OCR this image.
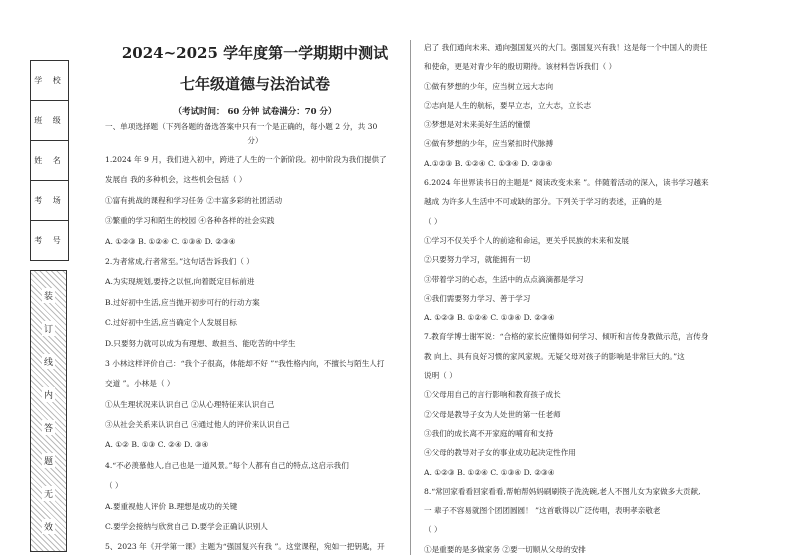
学 校
班 级
姓 名
考 场
考 号
装
订
线
内
答
题
无
效
2024~2025 学年度第一学期期中测试
七年级道德与法治试卷
（考试时间： 60 分钟 试卷满分：70 分）
一、单项选择题（下列各题的备选答案中只有一个是正确的，每小题 2 分，共 30
分）
1.2024 年 9 月，我们进入初中，跨进了人生的一个新阶段。初中阶段为我们提供了
发展自 我的多种机会，这些机会包括（ ）
①富有挑战的课程和学习任务 ②丰富多彩的社团活动
③繁重的学习和陌生的校园 ④各种各样的社会实践
A. ①②③ B. ①②④ C. ①③④ D. ②③④
2.为者常成,行者常至。”这句话告诉我们（ ）
A.为实现规划,要持之以恒,向着既定目标前进
B.过好初中生活,应当抛开初步可行的行动方案
C.过好初中生活,应当确定个人发展目标
D.只要努力就可以成为有理想、敢担当、能吃苦的中学生
3 小林这样评价自己：“我个子很高，体能却不好 ”“我性格内向，不擅长与陌生人打
交道 ”。小林是（ ）
①从生理状况来认识自己 ②从心理特征来认识自己
③从社会关系来认识自己 ④通过他人的评价来认识自己
A. ①② B. ①③ C. ②④ D. ③④
4.“不必羡慕他人,自己也是一道风景。”每个人都有自己的特点,这启示我们
（ ）
A.要重视他人评价 B.理想是成功的关键
C.要学会接纳与欣赏自己 D.要学会正确认识别人
5、2023 年《开学第一课》主题为“强国复兴有我 ”。这堂课程，宛如一把钥匙，开
启了 我们通向未来、通向强国复兴的大门。强国复兴有我！这是每一个中国人的责任
和使命，更是对青少年的殷切期待。该材料告诉我们（ ）
①做有梦想的少年，应当树立远大志向
②志向是人生的航标，要早立志，立大志，立长志
③梦想是对未来美好生活的憧憬
④做有梦想的少年，应当紧扣时代脉搏
A.①②③ B. ①②④ C. ①③④ D. ②③④
6.2024 年世界读书日的主题是“ 阅读改变未来 ”。伴随着活动的深入，读书学习越来
越成 为许多人生活中不可或缺的部分。下列关于学习的表述，正确的是
（ ）
①学习不仅关乎个人的前途和命运，更关乎民族的未来和发展
②只要努力学习，就能拥有一切
③带着学习的心态，生活中的点点滴滴都是学习
④我们需要努力学习、善于学习
A. ①②③ B. ①②④ C. ①③④ D. ②③④
7.教育学博士谢军说：“合格的家长应懂得如何学习、倾听和言传身教做示范，言传身
教 向上、具有良好习惯的家风家规。无疑父母对孩子的影响是非常巨大的。”这
说明（ ）
①父母用自己的言行影响和教育孩子成长
②父母是教导子女为人处世的第一任老师
③我们的成长离不开家庭的哺育和支持
④父母的教导对子女的事业成功起决定性作用
A. ①②③ B. ①②④ C. ①③④ D. ②③④
8.“常回家看看回家看看,帮帕帮妈妈刷刷筷子洗洗碗,老人不图儿女为家做多大贡献,
一 辈子不容易就图个团团圆圆！ ”这首歌得以广泛传唱，表明孝亲敬老
（ ）
①是重要的是多做家务 ②要一切顺从父母的安排
